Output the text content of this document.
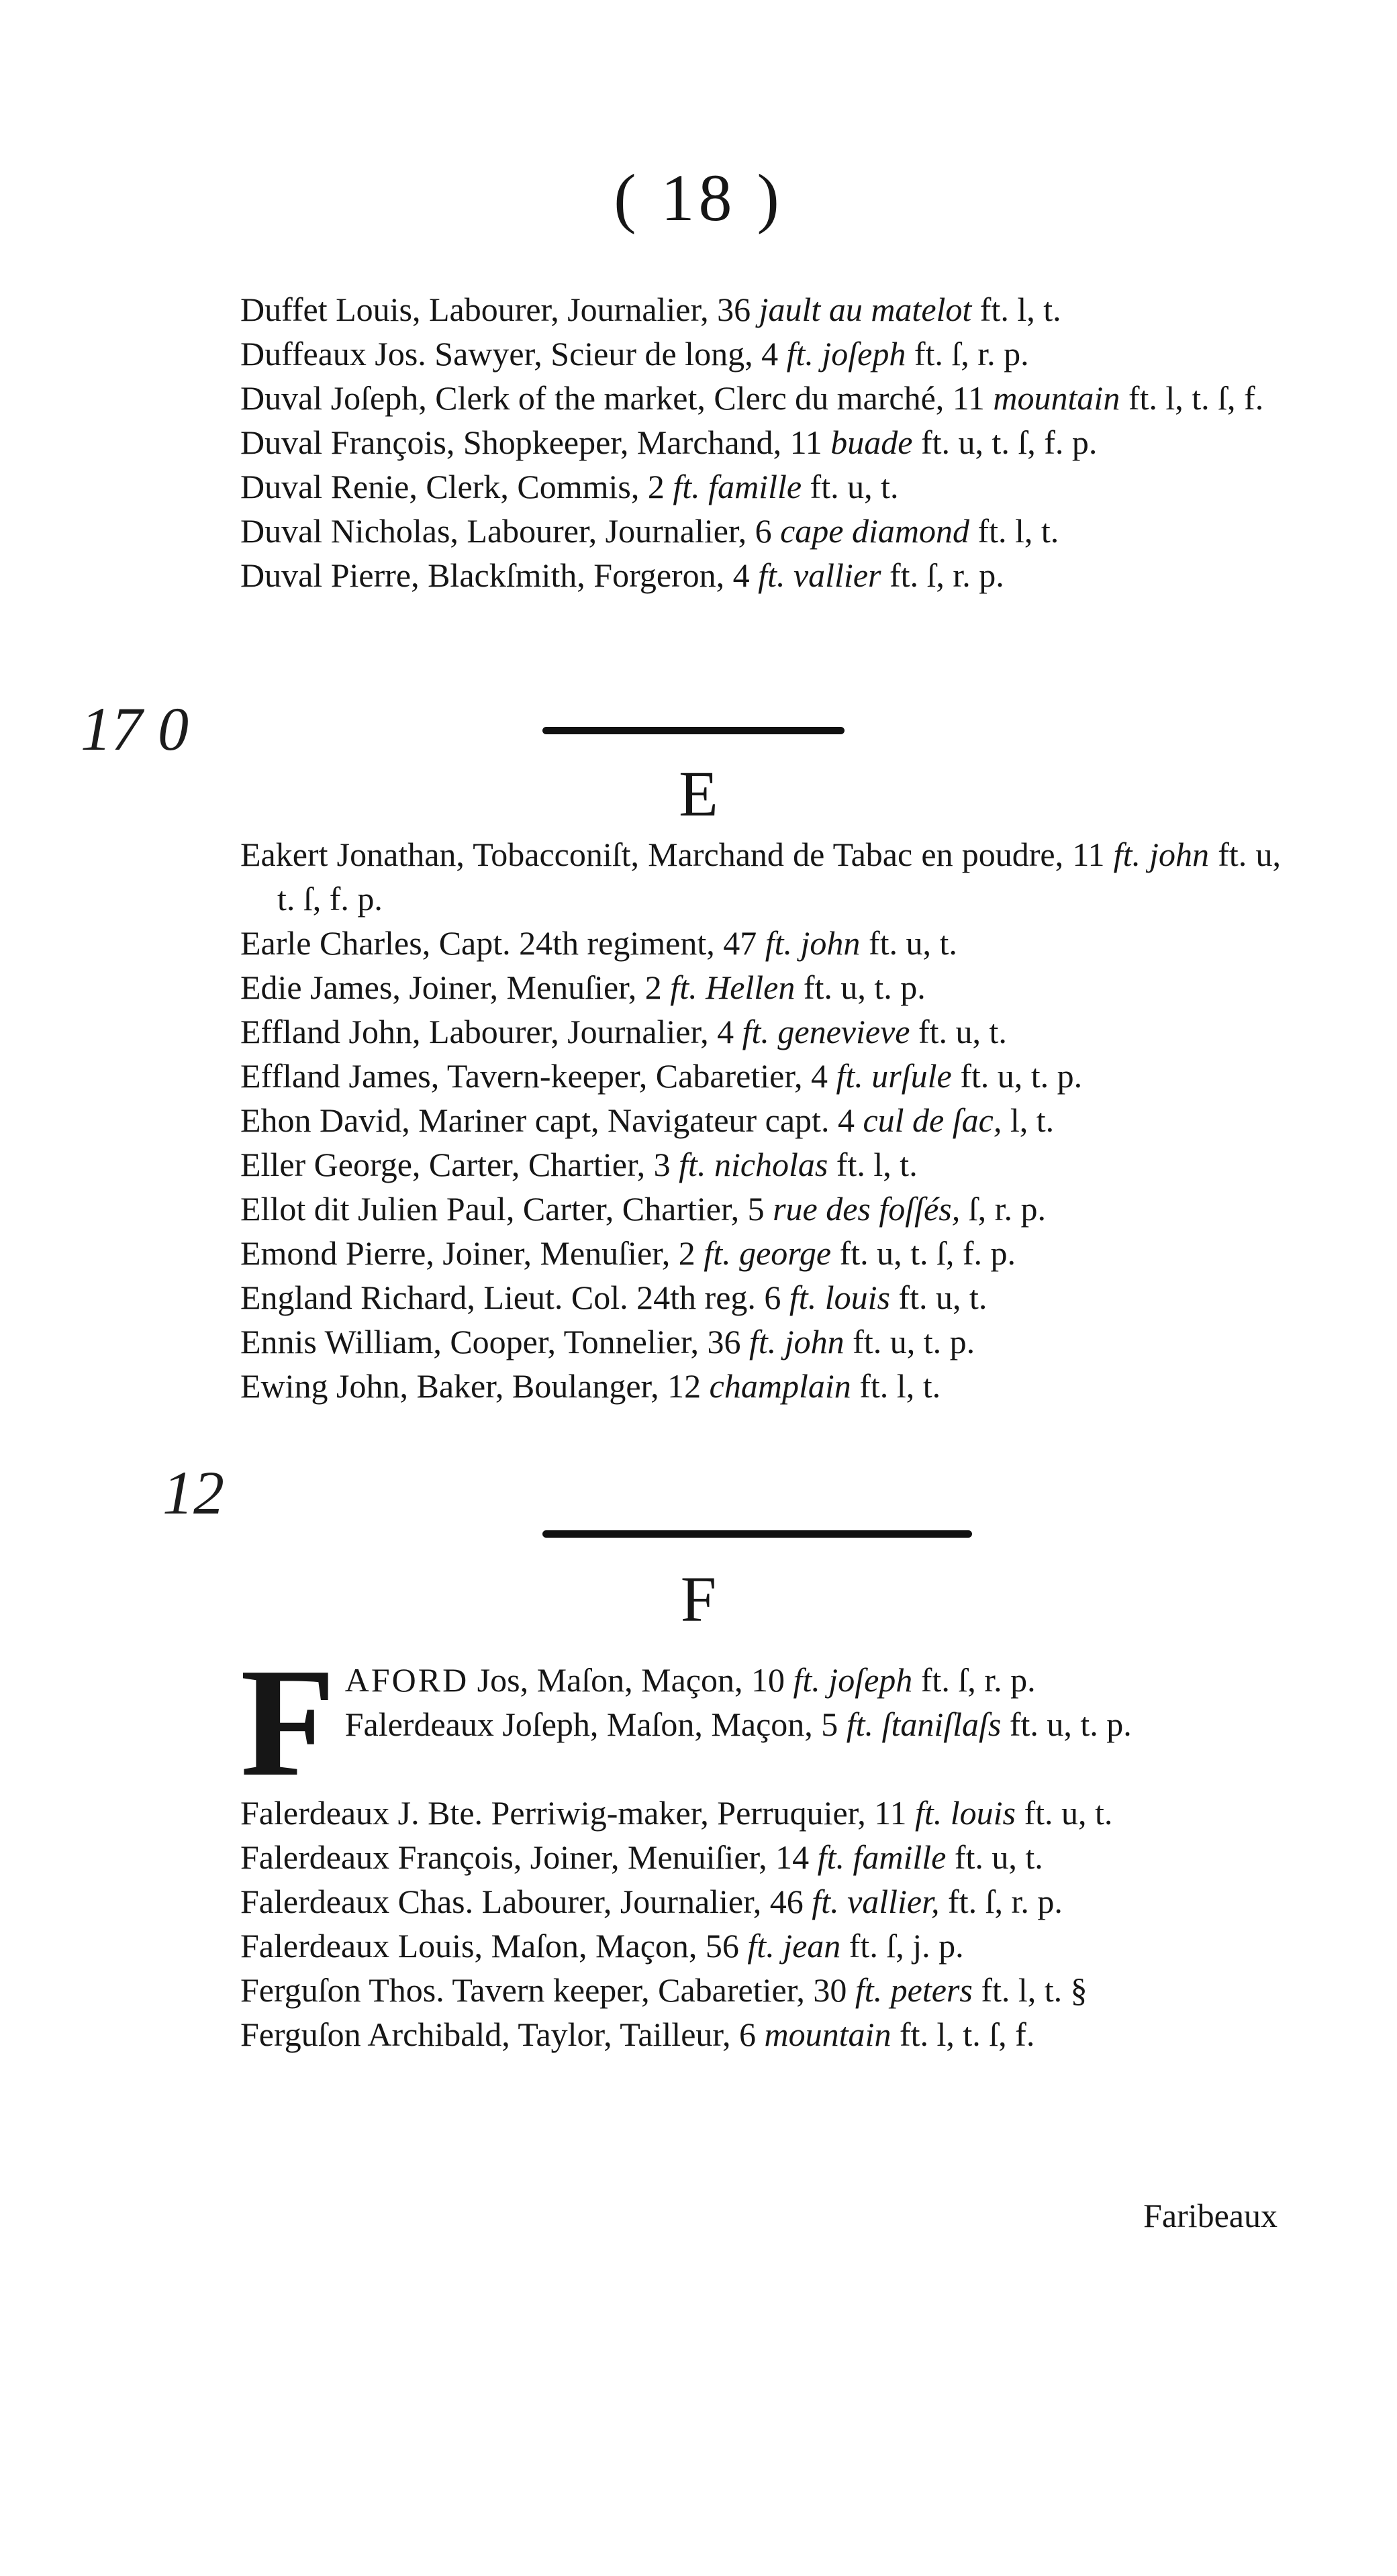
( 18 )
17 0
12
Duffet Louis, Labourer, Journalier, 36 jault au matelot ft. l, t.
Duffeaux Jos. Sawyer, Scieur de long, 4 ft. joſeph ft. ſ, r. p.
Duval Joſeph, Clerk of the market, Clerc du marché, 11 mountain ft. l, t. ſ, f.
Duval François, Shopkeeper, Marchand, 11 buade ft. u, t. ſ, f. p.
Duval Renie, Clerk, Commis, 2 ft. famille ft. u, t.
Duval Nicholas, Labourer, Journalier, 6 cape diamond ft. l, t.
Duval Pierre, Blackſmith, Forgeron, 4 ft. vallier ft. ſ, r. p.
E
Eakert Jonathan, Tobacconiſt, Marchand de Tabac en poudre, 11 ft. john ft. u, t. ſ, f. p.
Earle Charles, Capt. 24th regiment, 47 ft. john ft. u, t.
Edie James, Joiner, Menuſier, 2 ft. Hellen ft. u, t. p.
Effland John, Labourer, Journalier, 4 ft. genevieve ft. u, t.
Effland James, Tavern-keeper, Cabaretier, 4 ft. urſule ft. u, t. p.
Ehon David, Mariner capt, Navigateur capt. 4 cul de ſac, l, t.
Eller George, Carter, Chartier, 3 ft. nicholas ft. l, t.
Ellot dit Julien Paul, Carter, Chartier, 5 rue des foſſés, ſ, r. p.
Emond Pierre, Joiner, Menuſier, 2 ft. george ft. u, t. ſ, f. p.
England Richard, Lieut. Col. 24th reg. 6 ft. louis ft. u, t.
Ennis William, Cooper, Tonnelier, 36 ft. john ft. u, t. p.
Ewing John, Baker, Boulanger, 12 champlain ft. l, t.
F
F AFORD Jos, Maſon, Maçon, 10 ft. joſeph ft. ſ, r. p.
Falerdeaux Joſeph, Maſon, Maçon, 5 ft. ſtaniſlaſs ft. u, t. p.
Falerdeaux J. Bte. Perriwig-maker, Perruquier, 11 ft. louis ft. u, t.
Falerdeaux François, Joiner, Menuiſier, 14 ft. famille ft. u, t.
Falerdeaux Chas. Labourer, Journalier, 46 ft. vallier, ft. ſ, r. p.
Falerdeaux Louis, Maſon, Maçon, 56 ft. jean ft. ſ, j. p.
Ferguſon Thos. Tavern keeper, Cabaretier, 30 ft. peters ft. l, t. §
Ferguſon Archibald, Taylor, Tailleur, 6 mountain ft. l, t. ſ, f.
Faribeaux
